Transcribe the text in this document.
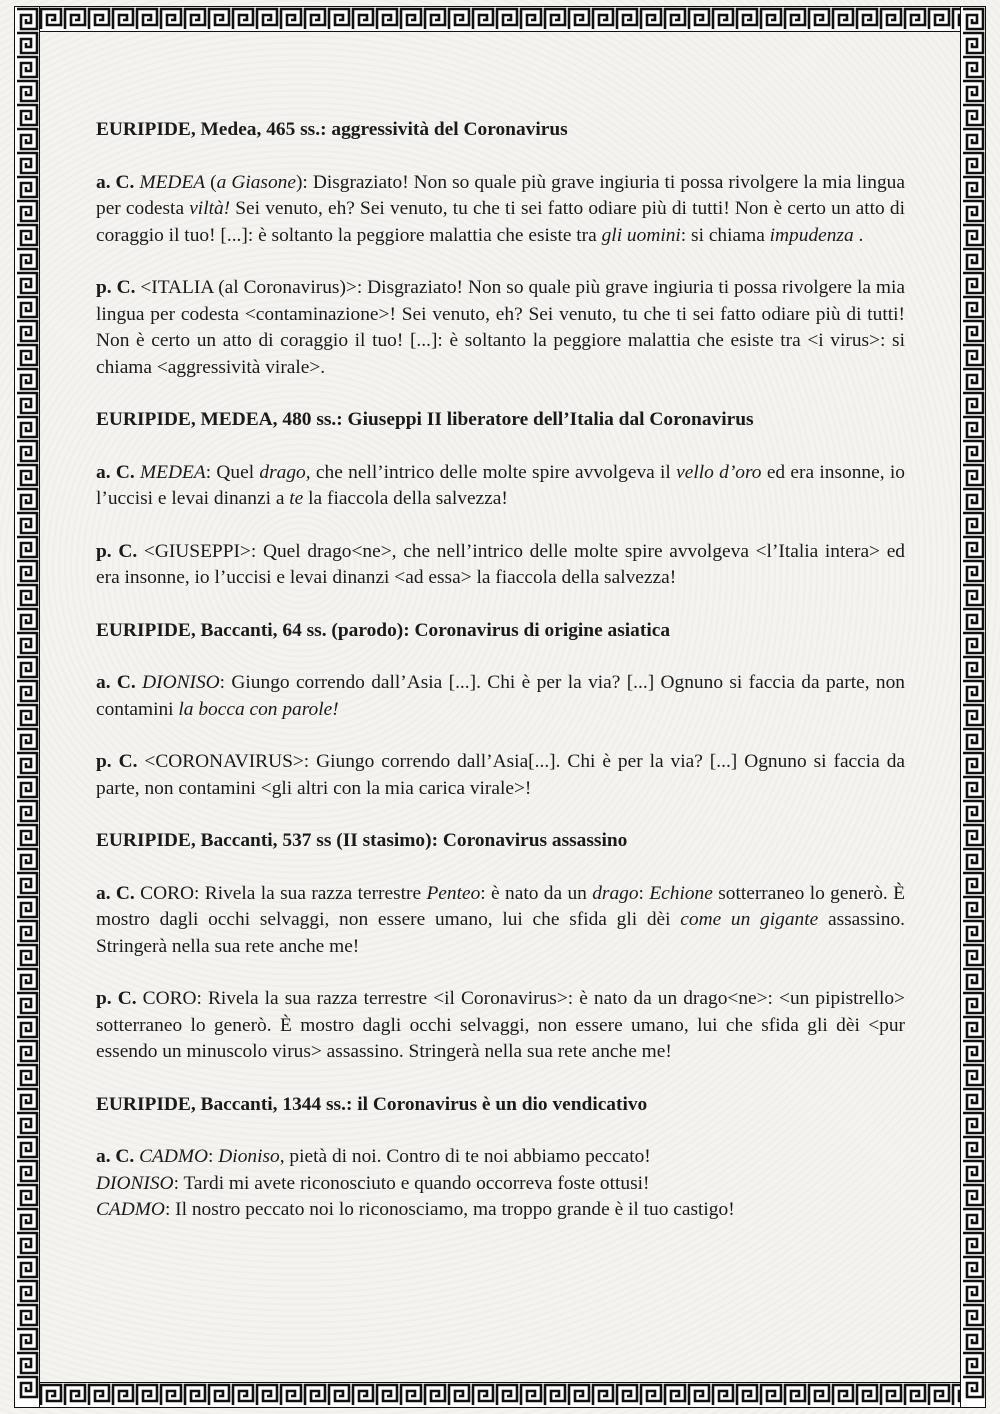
EURIPIDE, Medea, 465 ss.: aggressività del Coronavirus
a. C. MEDEA (a Giasone): Disgraziato! Non so quale più grave ingiuria ti possa rivolgere la mia lingua per codesta viltà! Sei venuto, eh? Sei venuto, tu che ti sei fatto odiare più di tutti! Non è certo un atto di coraggio il tuo! [...]: è soltanto la peggiore malattia che esiste tra gli uomini: si chiama impudenza .
p. C. <ITALIA (al Coronavirus)>: Disgraziato! Non so quale più grave ingiuria ti possa rivolgere la mia lingua per codesta <contaminazione>! Sei venuto, eh? Sei venuto, tu che ti sei fatto odiare più di tutti! Non è certo un atto di coraggio il tuo! [...]: è soltanto la peggiore malattia che esiste tra <i virus>: si chiama <aggressività virale>.
EURIPIDE, MEDEA, 480 ss.: Giuseppi II liberatore dell’Italia dal Coronavirus
a. C. MEDEA: Quel drago, che nell’intrico delle molte spire avvolgeva il vello d’oro ed era insonne, io l’uccisi e levai dinanzi a te la fiaccola della salvezza!
p. C. <GIUSEPPI>: Quel drago<ne>, che nell’intrico delle molte spire avvolgeva <l’Italia intera> ed era insonne, io l’uccisi e levai dinanzi <ad essa> la fiaccola della salvezza!
EURIPIDE, Baccanti, 64 ss. (parodo): Coronavirus di origine asiatica
a. C. DIONISO: Giungo correndo dall’Asia [...]. Chi è per la via? [...] Ognuno si faccia da parte, non contamini la bocca con parole!
p. C. <CORONAVIRUS>: Giungo correndo dall’Asia[...]. Chi è per la via? [...] Ognuno si faccia da parte, non contamini <gli altri con la mia carica virale>!
EURIPIDE, Baccanti, 537 ss (II stasimo): Coronavirus assassino
a. C. CORO: Rivela la sua razza terrestre Penteo: è nato da un drago: Echione sotterraneo lo generò. È mostro dagli occhi selvaggi, non essere umano, lui che sfida gli dèi come un gigante assassino. Stringerà nella sua rete anche me!
p. C. CORO: Rivela la sua razza terrestre <il Coronavirus>: è nato da un drago<ne>: <un pipistrello> sotterraneo lo generò. È mostro dagli occhi selvaggi, non essere umano, lui che sfida gli dèi <pur essendo un minuscolo virus> assassino. Stringerà nella sua rete anche me!
EURIPIDE, Baccanti, 1344 ss.: il Coronavirus è un dio vendicativo
a. C. CADMO: Dioniso, pietà di noi. Contro di te noi abbiamo peccato!
DIONISO: Tardi mi avete riconosciuto e quando occorreva foste ottusi!
CADMO: Il nostro peccato noi lo riconosciamo, ma troppo grande è il tuo castigo!
